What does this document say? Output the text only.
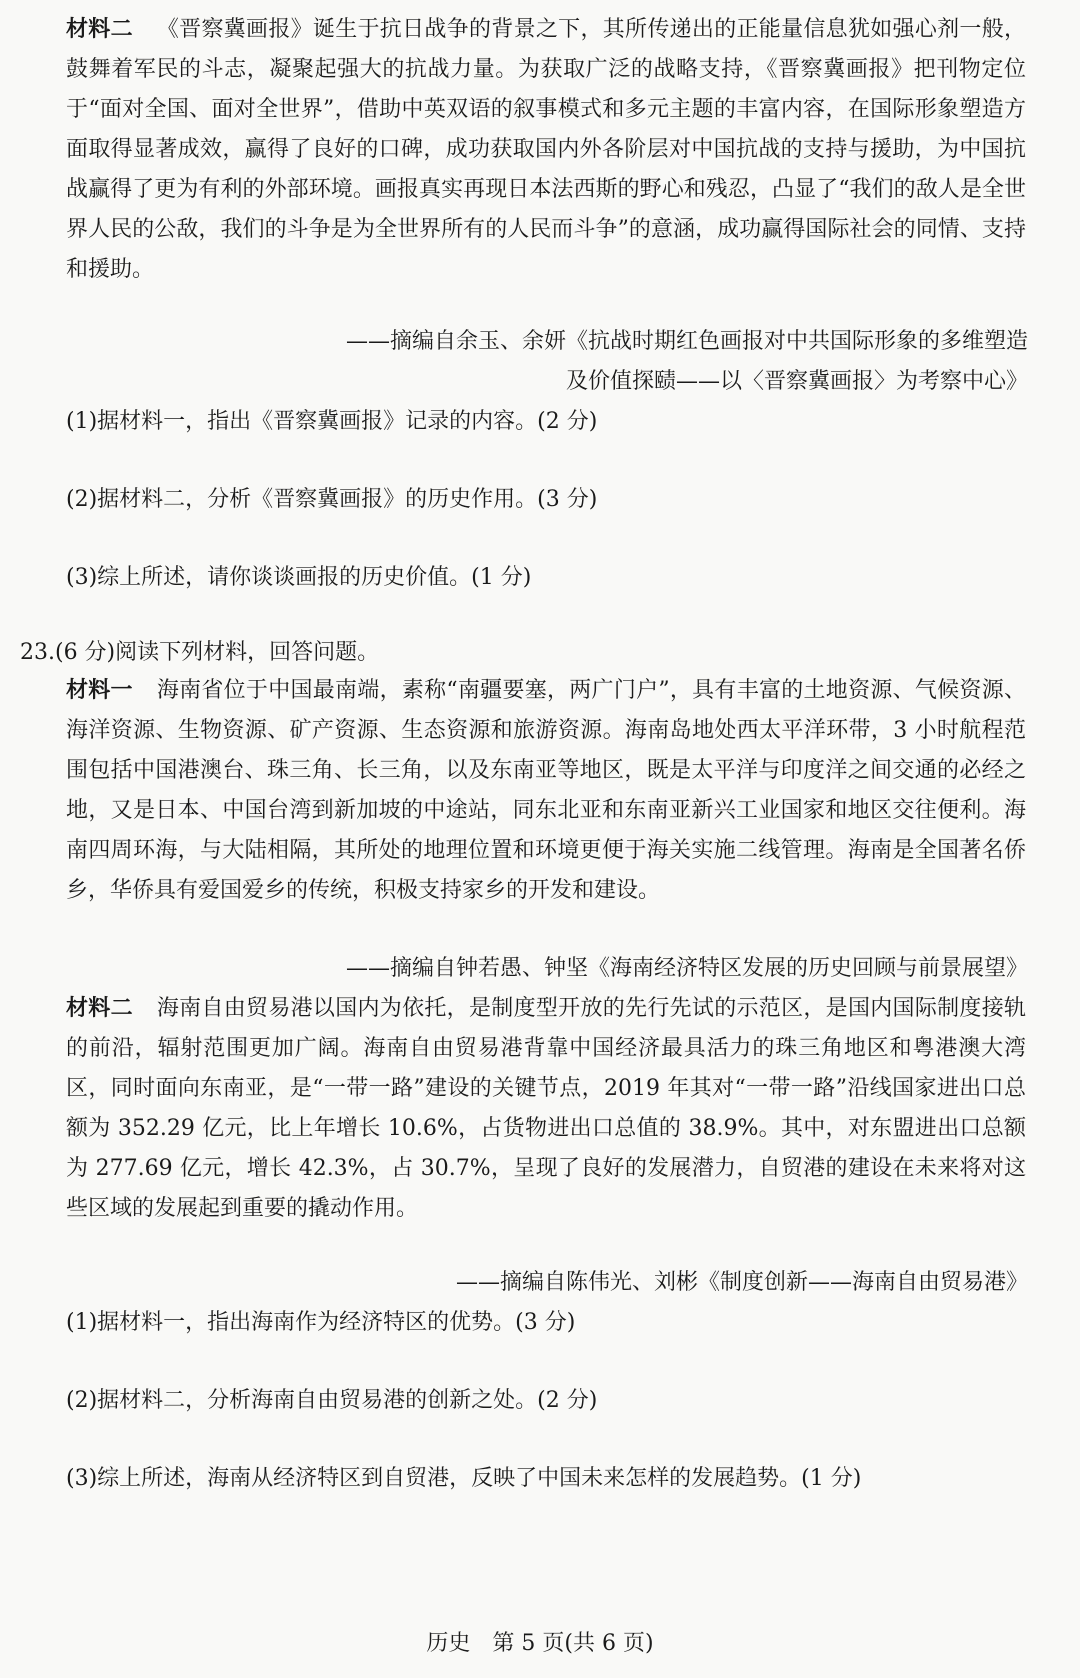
材料二 《晋察冀画报》诞生于抗日战争的背景之下，其所传递出的正能量信息犹如强心剂一般，鼓舞着军民的斗志，凝聚起强大的抗战力量。为获取广泛的战略支持，《晋察冀画报》把刊物定位于“面对全国、面对全世界”，借助中英双语的叙事模式和多元主题的丰富内容，在国际形象塑造方面取得显著成效，赢得了良好的口碑，成功获取国内外各阶层对中国抗战的支持与援助，为中国抗战赢得了更为有利的外部环境。画报真实再现日本法西斯的野心和残忍，凸显了“我们的敌人是全世界人民的公敌，我们的斗争是为全世界所有的人民而斗争”的意涵，成功赢得国际社会的同情、支持和援助。
——摘编自余玉、余妍《抗战时期红色画报对中共国际形象的多维塑造
及价值探赜——以〈晋察冀画报〉为考察中心》
(1)据材料一，指出《晋察冀画报》记录的内容。(2 分)
(2)据材料二，分析《晋察冀画报》的历史作用。(3 分)
(3)综上所述，请你谈谈画报的历史价值。(1 分)
23.(6 分)阅读下列材料，回答问题。
材料一 海南省位于中国最南端，素称“南疆要塞，两广门户”，具有丰富的土地资源、气候资源、海洋资源、生物资源、矿产资源、生态资源和旅游资源。海南岛地处西太平洋环带，3 小时航程范围包括中国港澳台、珠三角、长三角，以及东南亚等地区，既是太平洋与印度洋之间交通的必经之地，又是日本、中国台湾到新加坡的中途站，同东北亚和东南亚新兴工业国家和地区交往便利。海南四周环海，与大陆相隔，其所处的地理位置和环境更便于海关实施二线管理。海南是全国著名侨乡，华侨具有爱国爱乡的传统，积极支持家乡的开发和建设。
——摘编自钟若愚、钟坚《海南经济特区发展的历史回顾与前景展望》
材料二 海南自由贸易港以国内为依托，是制度型开放的先行先试的示范区，是国内国际制度接轨的前沿，辐射范围更加广阔。海南自由贸易港背靠中国经济最具活力的珠三角地区和粤港澳大湾区，同时面向东南亚，是“一带一路”建设的关键节点，2019 年其对“一带一路”沿线国家进出口总额为 352.29 亿元，比上年增长 10.6%，占货物进出口总值的 38.9%。其中，对东盟进出口总额为 277.69 亿元，增长 42.3%，占 30.7%，呈现了良好的发展潜力，自贸港的建设在未来将对这些区域的发展起到重要的撬动作用。
——摘编自陈伟光、刘彬《制度创新——海南自由贸易港》
(1)据材料一，指出海南作为经济特区的优势。(3 分)
(2)据材料二，分析海南自由贸易港的创新之处。(2 分)
(3)综上所述，海南从经济特区到自贸港，反映了中国未来怎样的发展趋势。(1 分)
历史　第 5 页(共 6 页)
